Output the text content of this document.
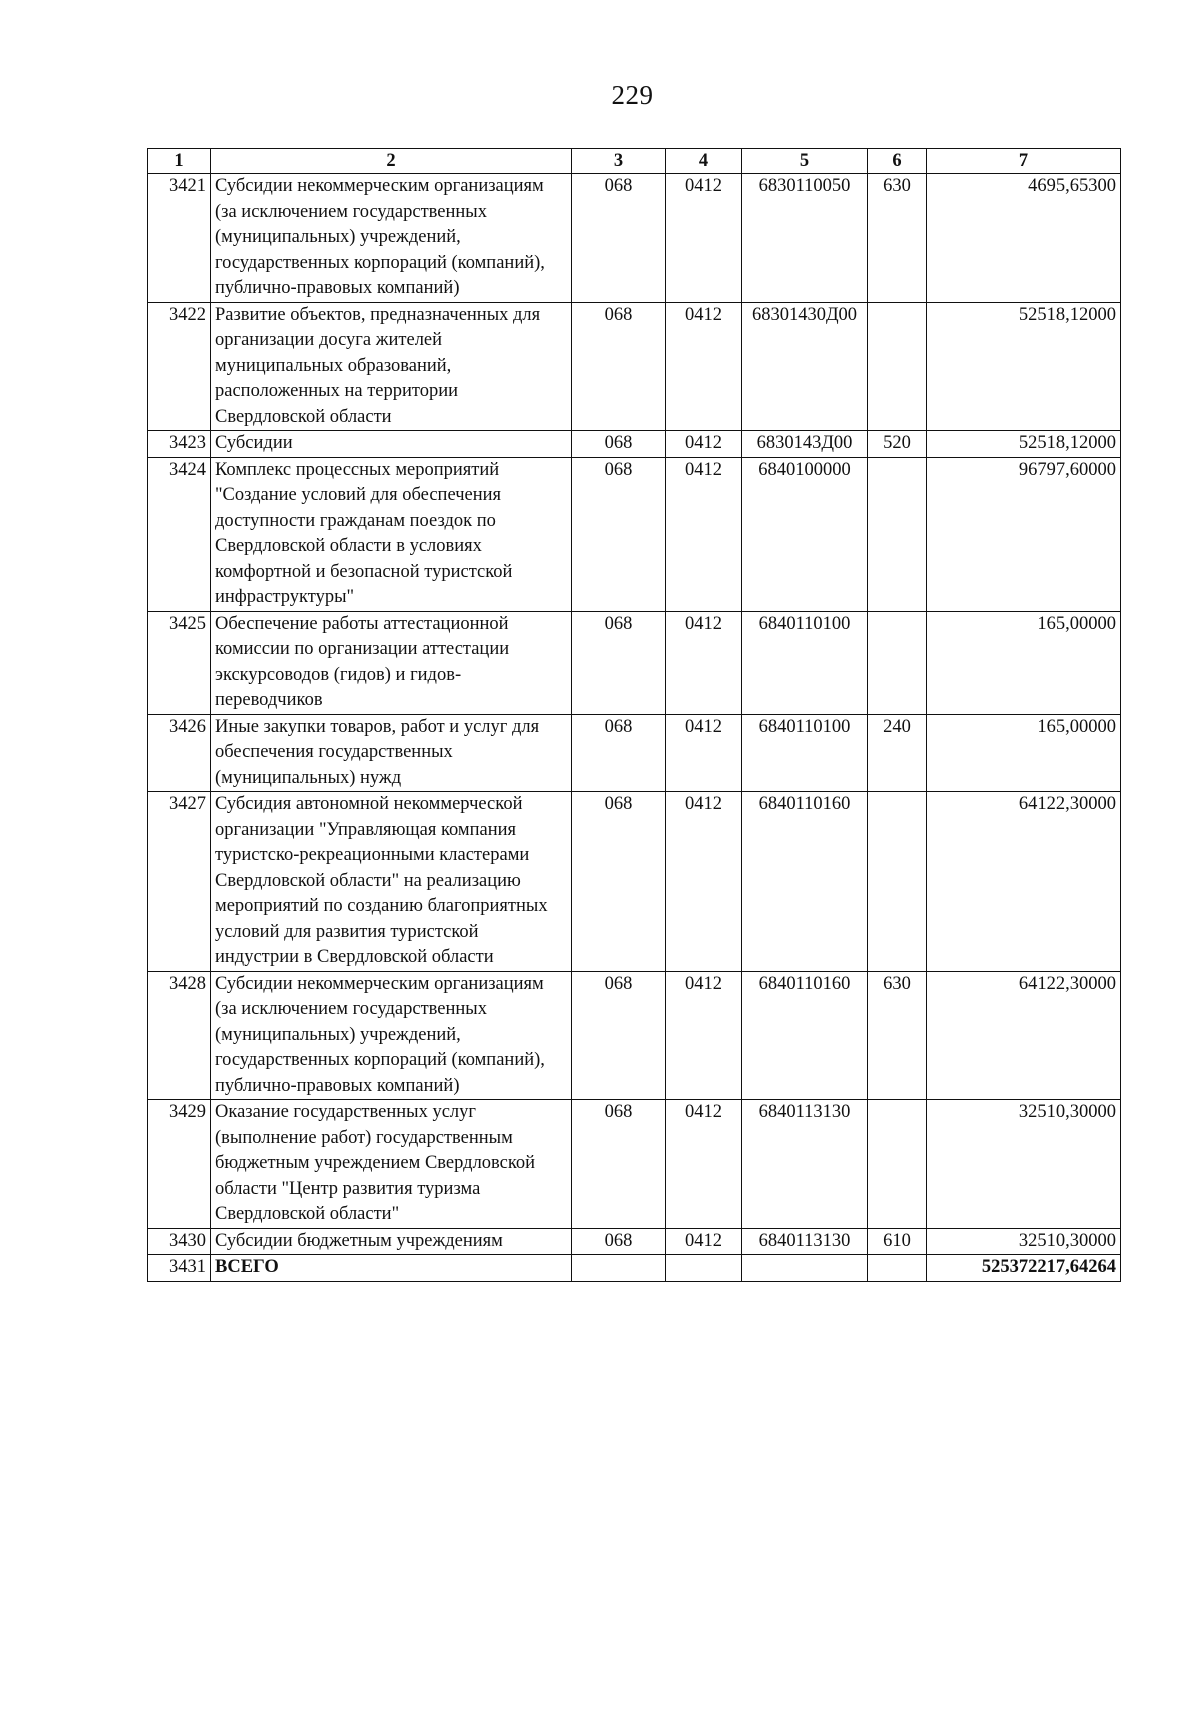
229
1	2	3	4	5	6	7
3421	Субсидии некоммерческим организациям (за исключением государственных (муниципальных) учреждений, государственных корпораций (компаний), публично-правовых компаний)	068	0412	6830110050	630	4695,65300
3422	Развитие объектов, предназначенных для организации досуга жителей муниципальных образований, расположенных на территории Свердловской области	068	0412	68301430Д00		52518,12000
3423	Субсидии	068	0412	6830143Д00	520	52518,12000
3424	Комплекс процессных мероприятий "Создание условий для обеспечения доступности гражданам поездок по Свердловской области в условиях комфортной и безопасной туристской инфраструктуры"	068	0412	6840100000		96797,60000
3425	Обеспечение работы аттестационной комиссии по организации аттестации экскурсоводов (гидов) и гидов-переводчиков	068	0412	6840110100		165,00000
3426	Иные закупки товаров, работ и услуг для обеспечения государственных (муниципальных) нужд	068	0412	6840110100	240	165,00000
3427	Субсидия автономной некоммерческой организации "Управляющая компания туристско-рекреационными кластерами Свердловской области" на реализацию мероприятий по созданию благоприятных условий для развития туристской индустрии в Свердловской области	068	0412	6840110160		64122,30000
3428	Субсидии некоммерческим организациям (за исключением государственных (муниципальных) учреждений, государственных корпораций (компаний), публично-правовых компаний)	068	0412	6840110160	630	64122,30000
3429	Оказание государственных услуг (выполнение работ) государственным бюджетным учреждением Свердловской области "Центр развития туризма Свердловской области"	068	0412	6840113130		32510,30000
3430	Субсидии бюджетным учреждениям	068	0412	6840113130	610	32510,30000
3431	ВСЕГО					525372217,64264
